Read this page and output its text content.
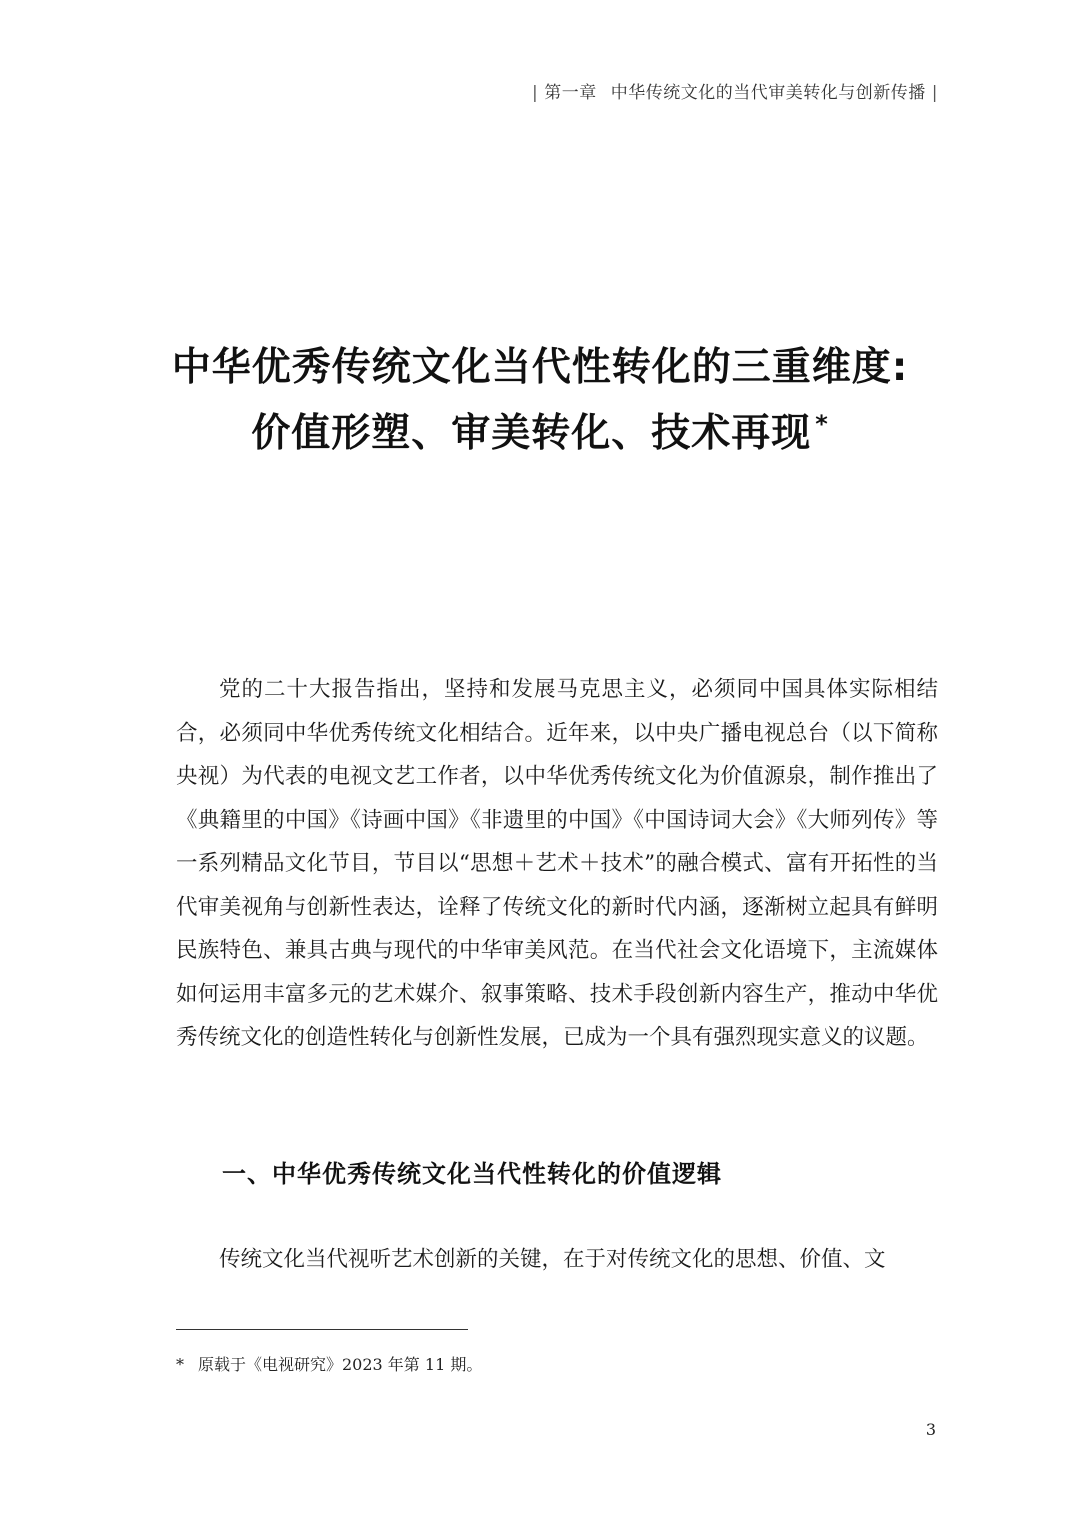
| 第一章 中华传统文化的当代审美转化与创新传播 |
中华优秀传统文化当代性转化的三重维度:
价值形塑、审美转化、技术再现 *

党的二十大报告指出，坚持和发展马克思主义，必须同中国具体实际相结合，必须同中华优秀传统文化相结合。近年来，以中央广播电视总台（以下简称央视）为代表的电视文艺工作者，以中华优秀传统文化为价值源泉，制作推出了《典籍里的中国》《诗画中国》《非遗里的中国》《中国诗词大会》《大师列传》等一系列精品文化节目，节目以“思想＋艺术＋技术”的融合模式、富有开拓性的当代审美视角与创新性表达，诠释了传统文化的新时代内涵，逐渐树立起具有鲜明民族特色、兼具古典与现代的中华审美风范。在当代社会文化语境下，主流媒体如何运用丰富多元的艺术媒介、叙事策略、技术手段创新内容生产，推动中华优秀传统文化的创造性转化与创新性发展，已成为一个具有强烈现实意义的议题。

一、中华优秀传统文化当代性转化的价值逻辑

传统文化当代视听艺术创新的关键，在于对传统文化的思想、价值、文

* 原载于《电视研究》2023 年第 11 期。
3
